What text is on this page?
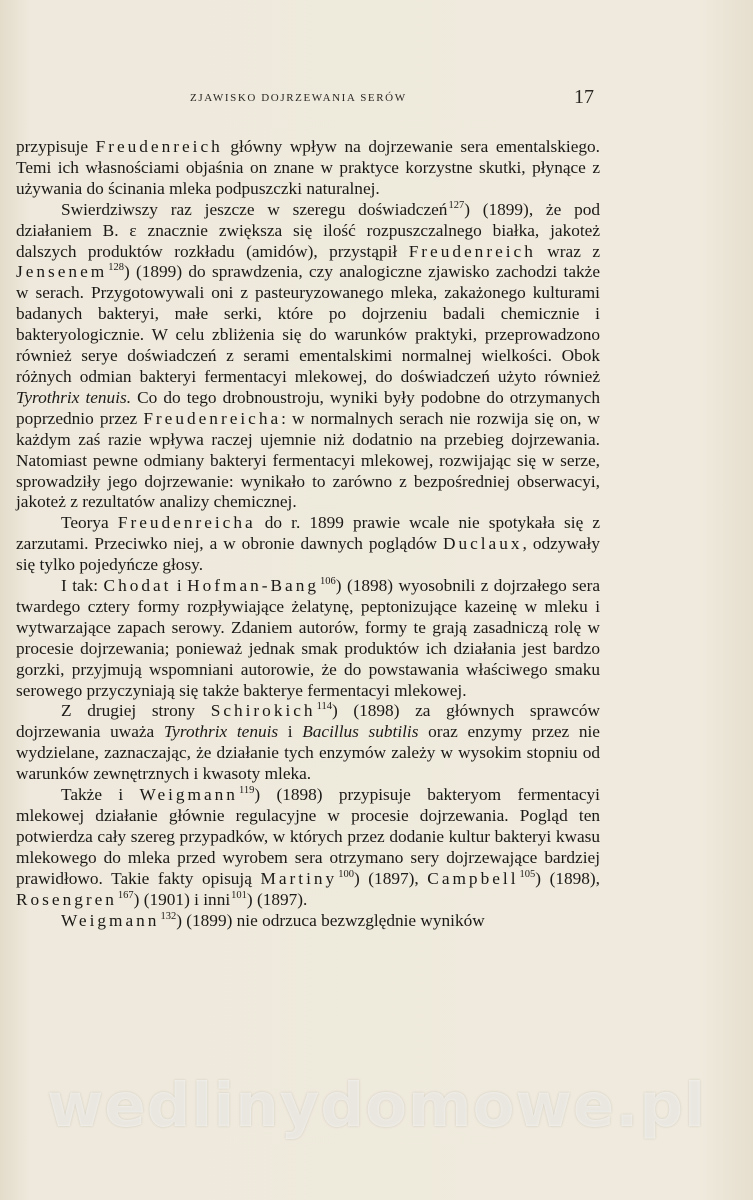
ZJAWISKO DOJRZEWANIA SERÓW	17

przypisuje Freudenreich główny wpływ na dojrzewanie sera ementalskiego. Temi ich własnościami objaśnia on znane w praktyce korzystne skutki, płynące z używania do ścinania mleka podpuszczki naturalnej.

Swierdziwszy raz jeszcze w szeregu doświadczeń$^{127}$) (1899), że pod działaniem B. ε znacznie zwiększa się ilość rozpuszczalnego białka, jakoteż dalszych produktów rozkładu (amidów), przystąpił Freudenreich wraz z Jensenem$^{128}$) (1899) do sprawdzenia, czy analogiczne zjawisko zachodzi także w serach. Przygotowywali oni z pasteuryzowanego mleka, zakażonego kulturami badanych bakteryi, małe serki, które po dojrzeniu badali chemicznie i bakteryologicznie. W celu zbliżenia się do warunków praktyki, przeprowadzono również serye doświadczeń z serami ementalskimi normalnej wielkości. Obok różnych odmian bakteryi fermentacyi mlekowej, do doświadczeń użyto również Tyrothrix tenuis. Co do tego drobnoustroju, wyniki były podobne do otrzymanych poprzednio przez Freudenreicha: w normalnych serach nie rozwija się on, w każdym zaś razie wpływa raczej ujemnie niż dodatnio na przebieg dojrzewania. Natomiast pewne odmiany bakteryi fermentacyi mlekowej, rozwijając się w serze, sprowadziły jego dojrzewanie: wynikało to zarówno z bezpośredniej obserwacyi, jakoteż z rezultatów analizy chemicznej.

Teorya Freudenreicha do r. 1899 prawie wcale nie spotykała się z zarzutami. Przeciwko niej, a w obronie dawnych poglądów Duclaux, odzywały się tylko pojedyńcze głosy.

I tak: Chodat i Hofman-Bang$^{106}$) (1898) wyosobnili z dojrzałego sera twardego cztery formy rozpływiające żelatynę, peptonizujące kazeinę w mleku i wytwarzające zapach serowy. Zdaniem autorów, formy te grają zasadniczą rolę w procesie dojrzewania; ponieważ jednak smak produktów ich działania jest bardzo gorzki, przyjmują wspomniani autorowie, że do powstawania właściwego smaku serowego przyczyniają się także bakterye fermentacyi mlekowej.

Z drugiej strony Schirokich$^{114}$) (1898) za głównych sprawców dojrzewania uważa Tyrothrix tenuis i Bacillus subtilis oraz enzymy przez nie wydzielane, zaznaczając, że działanie tych enzymów zależy w wysokim stopniu od warunków zewnętrznych i kwasoty mleka.

Także i Weigmann$^{119}$) (1898) przypisuje bakteryom fermentacyi mlekowej działanie głównie regulacyjne w procesie dojrzewania. Pogląd ten potwierdza cały szereg przypadków, w których przez dodanie kultur bakteryi kwasu mlekowego do mleka przed wyrobem sera otrzymano sery dojrzewające bardziej prawidłowo. Takie fakty opisują Martiny$^{100}$) (1897), Campbell$^{105}$) (1898), Rosengren$^{167}$) (1901) i inni$^{101}$) (1897).

Weigmann$^{132}$) (1899) nie odrzuca bezwzględnie wyników

wedlinydomowe.pl
